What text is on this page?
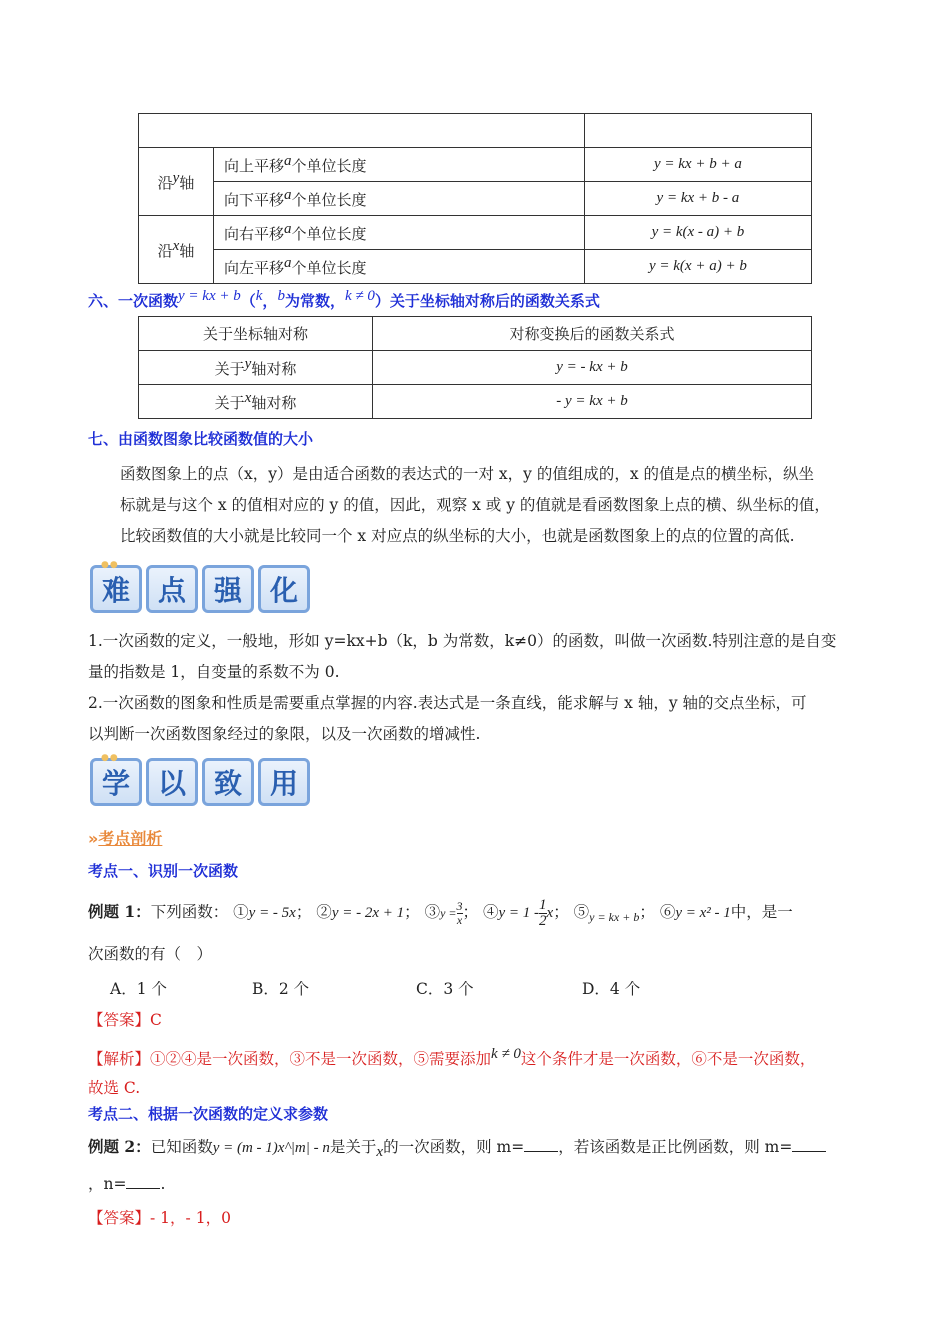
沿$^y$轴	向上平移$^a$个单位长度	y = kx + b + a
	向下平移$^a$个单位长度	y = kx + b - a
沿$^x$轴	向右平移$^a$个单位长度	y = k(x - a) + b
	向左平移$^a$个单位长度	y = k(x + a) + b
六、一次函数$^{y = kx + b}$（$^k$，$^b$为常数，$^{k \ne 0}$）关于坐标轴对称后的函数关系式
关于坐标轴对称	对称变换后的函数关系式
关于$^y$轴对称	y = - kx + b
关于$^x$轴对称	- y = kx + b
七、由函数图象比较函数值的大小
函数图象上的点（x，y）是由适合函数的表达式的一对 x，y 的值组成的，x 的值是点的横坐标，纵坐
标就是与这个 x 的值相对应的 y 的值，因此，观察 x 或 y 的值就是看函数图象上点的横、纵坐标的值，
比较函数值的大小就是比较同一个 x 对应点的纵坐标的大小，也就是函数图象上的点的位置的高低.
●●
难 点 强 化
1.一次函数的定义，一般地，形如 y=kx+b（k，b 为常数，k≠0）的函数，叫做一次函数.特别注意的是自变
量的指数是 1，自变量的系数不为 0.
2.一次函数的图象和性质是需要重点掌握的内容.表达式是一条直线，能求解与 x 轴，y 轴的交点坐标，可
以判断一次函数图象经过的象限，以及一次函数的增减性.
●●
学 以 致 用
»考点剖析
考点一、识别一次函数
例题 1：下列函数： ①y = - 5x； ②y = - 2x + 1； ③y = $\frac{3}{x}$ ； ④y = $1 - \frac{1}{2}$ x； $⑤_{y = kx + b}$； ⑥y = x² - 1中，是一
次函数的有（　）
A．1 个	B．2 个	C．3 个	D．4 个
【答案】C
【解析】①②④是一次函数，③不是一次函数，⑤需要添加$^{k \ne 0}$这个条件才是一次函数，⑥不是一次函数，
故选 C.
考点二、根据一次函数的定义求参数
例题 2：已知函数y = (m - 1)x^|m| - n是关于$_x$的一次函数，则 m= ，若该函数是正比例函数，则 m=
，n= .
【答案】- 1，- 1，0
